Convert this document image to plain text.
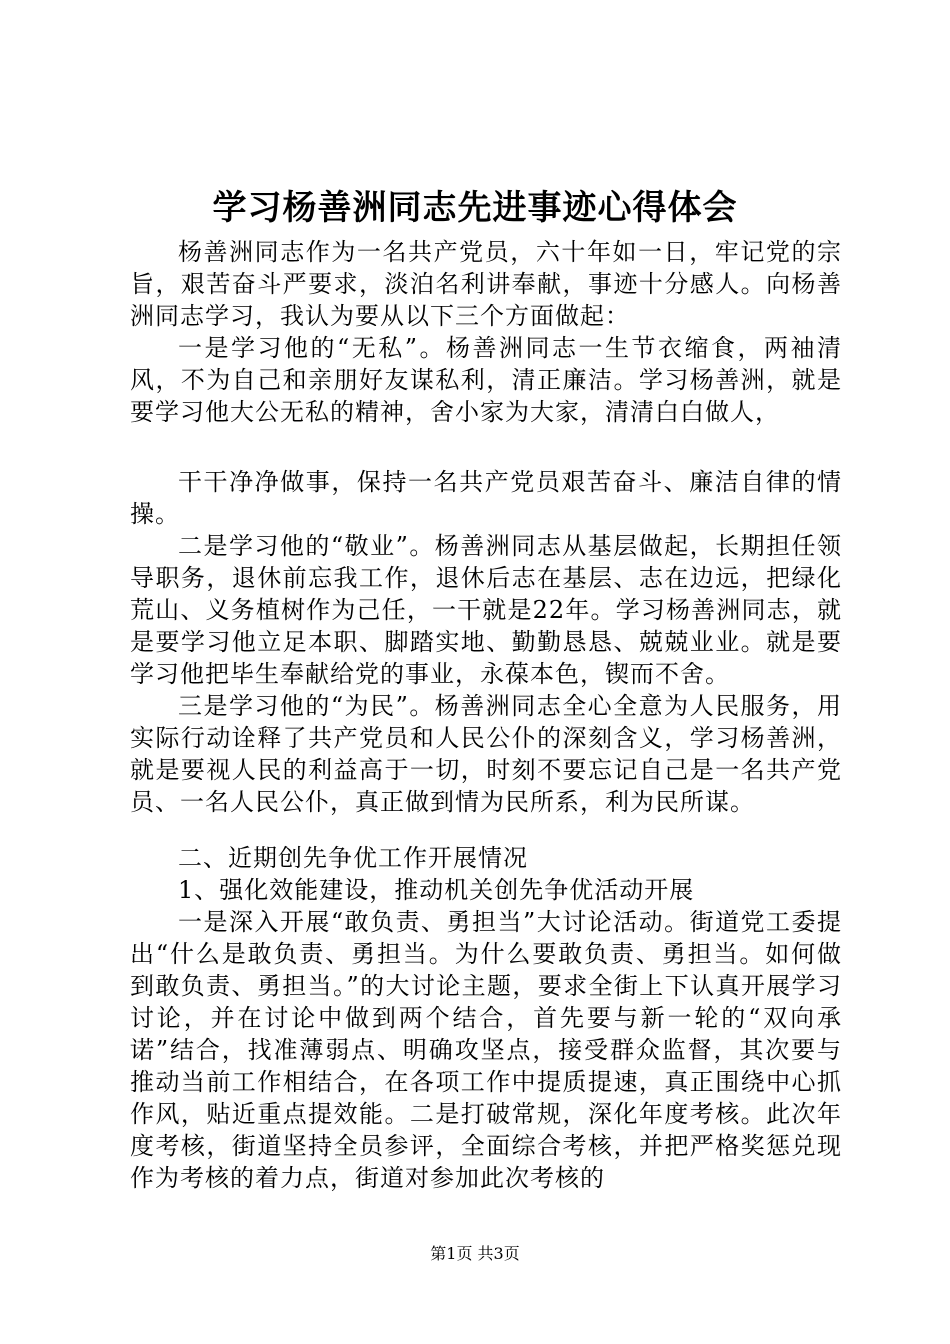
学习杨善洲同志先进事迹心得体会

杨善洲同志作为一名共产党员，六十年如一日，牢记党的宗旨，艰苦奋斗严要求，淡泊名利讲奉献，事迹十分感人。向杨善洲同志学习，我认为要从以下三个方面做起：

一是学习他的“无私”。杨善洲同志一生节衣缩食，两袖清风，不为自己和亲朋好友谋私利，清正廉洁。学习杨善洲，就是要学习他大公无私的精神，舍小家为大家，清清白白做人，

干干净净做事，保持一名共产党员艰苦奋斗、廉洁自律的情操。

二是学习他的“敬业”。杨善洲同志从基层做起，长期担任领导职务，退休前忘我工作，退休后志在基层、志在边远，把绿化荒山、义务植树作为己任，一干就是22年。学习杨善洲同志，就是要学习他立足本职、脚踏实地、勤勤恳恳、兢兢业业。就是要学习他把毕生奉献给党的事业，永葆本色，锲而不舍。

三是学习他的“为民”。杨善洲同志全心全意为人民服务，用实际行动诠释了共产党员和人民公仆的深刻含义，学习杨善洲，就是要视人民的利益高于一切，时刻不要忘记自己是一名共产党员、一名人民公仆，真正做到情为民所系，利为民所谋。

二、近期创先争优工作开展情况

1、强化效能建设，推动机关创先争优活动开展

一是深入开展“敢负责、勇担当”大讨论活动。街道党工委提出“什么是敢负责、勇担当。为什么要敢负责、勇担当。如何做到敢负责、勇担当。”的大讨论主题，要求全街上下认真开展学习讨论，并在讨论中做到两个结合，首先要与新一轮的“双向承诺”结合，找准薄弱点、明确攻坚点，接受群众监督，其次要与推动当前工作相结合，在各项工作中提质提速，真正围绕中心抓作风，贴近重点提效能。二是打破常规，深化年度考核。此次年度考核，街道坚持全员参评，全面综合考核，并把严格奖惩兑现作为考核的着力点，街道对参加此次考核的

第1页 共3页
